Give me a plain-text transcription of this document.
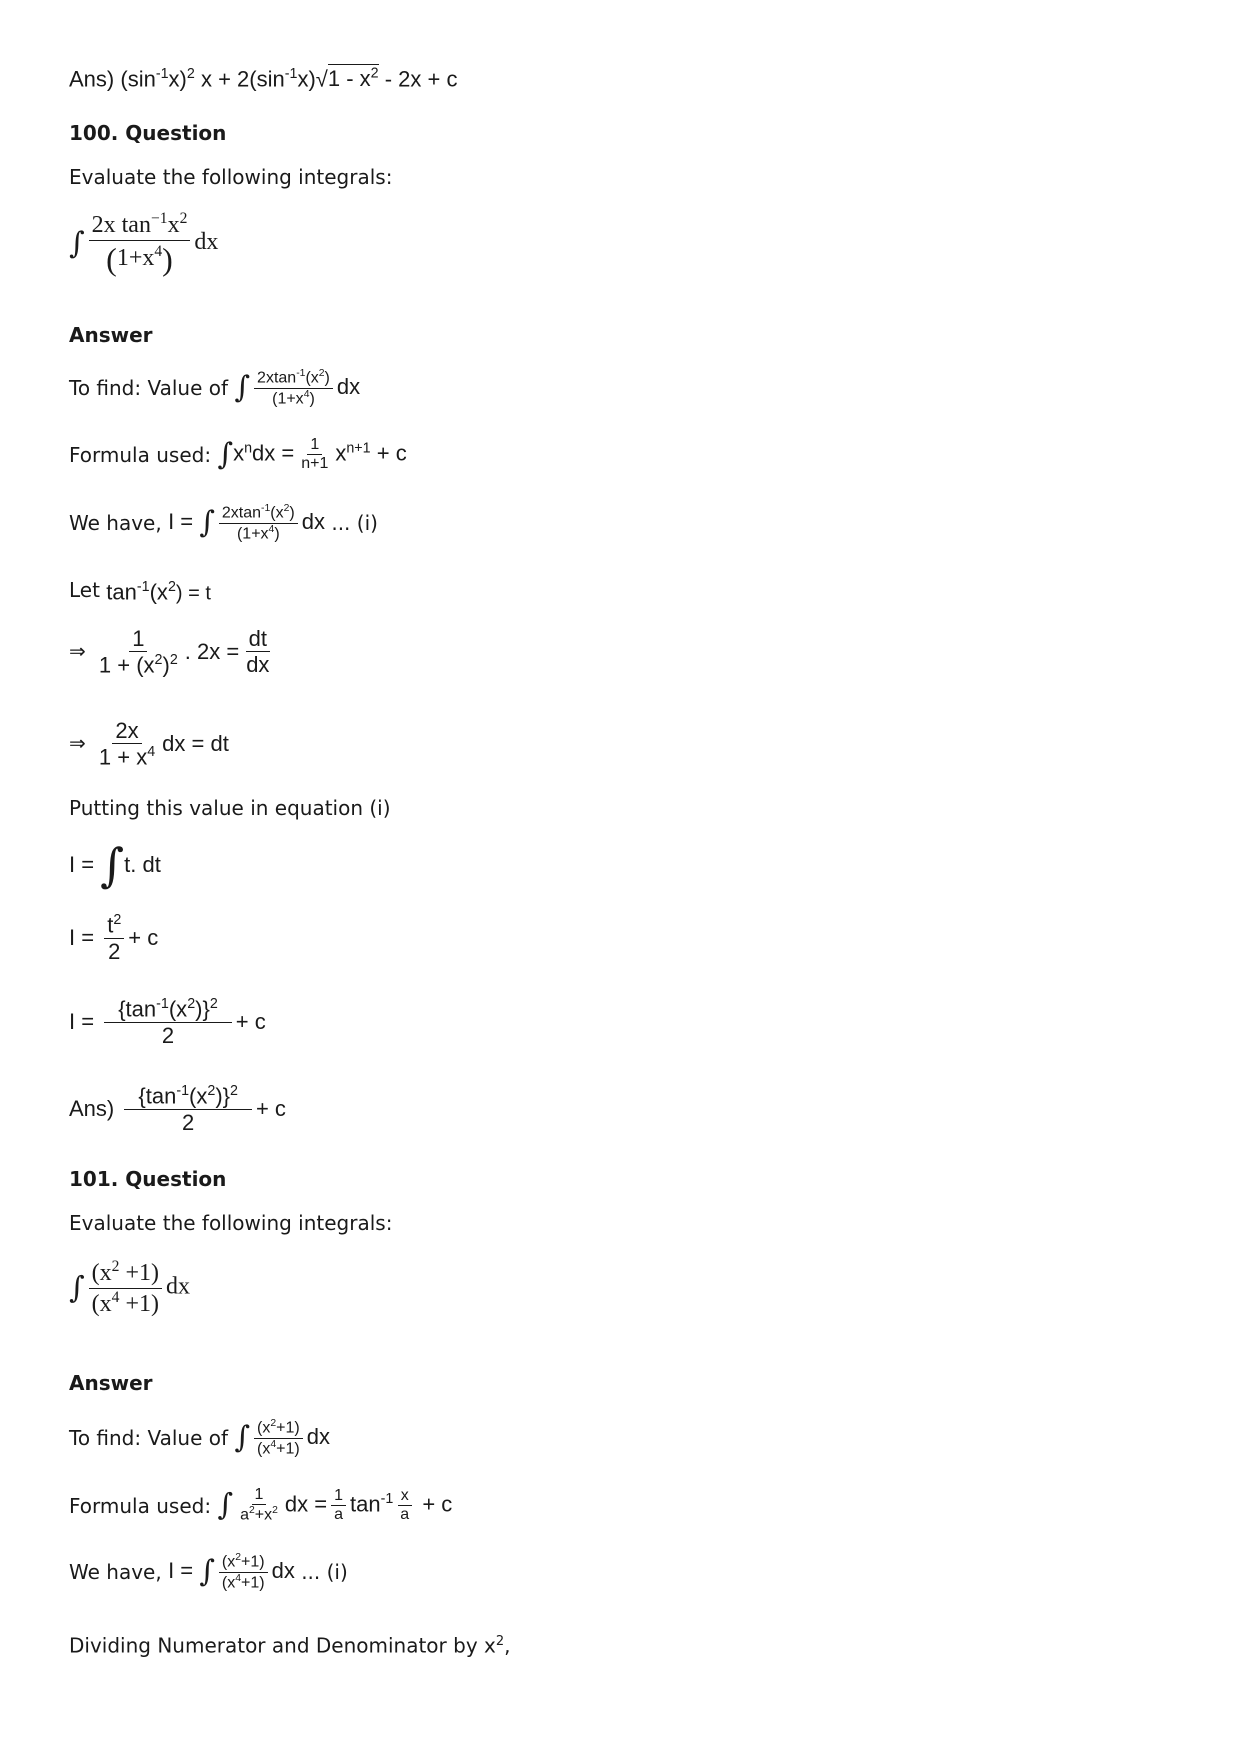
Ans) $(\sin^{-1}x)^2$ $x + 2(\sin^{-1}x)√1 - x^2 - 2x + c$
100. Question
Evaluate the following integrals:
∫ $\frac{2x \tan^{-1}x^2}{(1+x^4)}$ dx
Answer
To find: Value of ∫ $\frac{2xtan^{-1}(x^2)}{(1+x^4)}$ dx
Formula used: $\int x^ndx = \frac{1}{n+1} x^{n+1} + c$
We have, I = ∫ $\frac{2xtan^{-1}(x^2)}{(1+x^4)}$ dx ... (i)
Let $\tan^{-1}(x^2) = t$
⇒ $\frac{1}{1 + (x^2)^2}$ . $2x = \frac{dt}{dx}$
⇒ $\frac{2x}{1 + x^4}$ dx = dt
Putting this value in equation (i)
I = ∫t. dt
$I = \frac{t^2}{2} + c$
$I = \frac{\{\tan^{-1}(x^2)\}^2}{2} + c$
$Ans) \frac{\{\tan^{-1}(x^2)\}^2}{2} + c$
101. Question
Evaluate the following integrals:
∫ $\frac{(x^2 +1)}{(x^4 +1)}$ dx
Answer
To find: Value of ∫ $\frac{(x^2+1)}{(x^4+1)}$ dx
Formula used: ∫ $\frac{1}{a^2+x^2}$ dx = $\frac{1}{a} \tan^{-1} \frac{x}{a} + c$
We have, I = ∫ $\frac{(x^2+1)}{(x^4+1)}$ dx ... (i)
Dividing Numerator and Denominator by $x^2$,
